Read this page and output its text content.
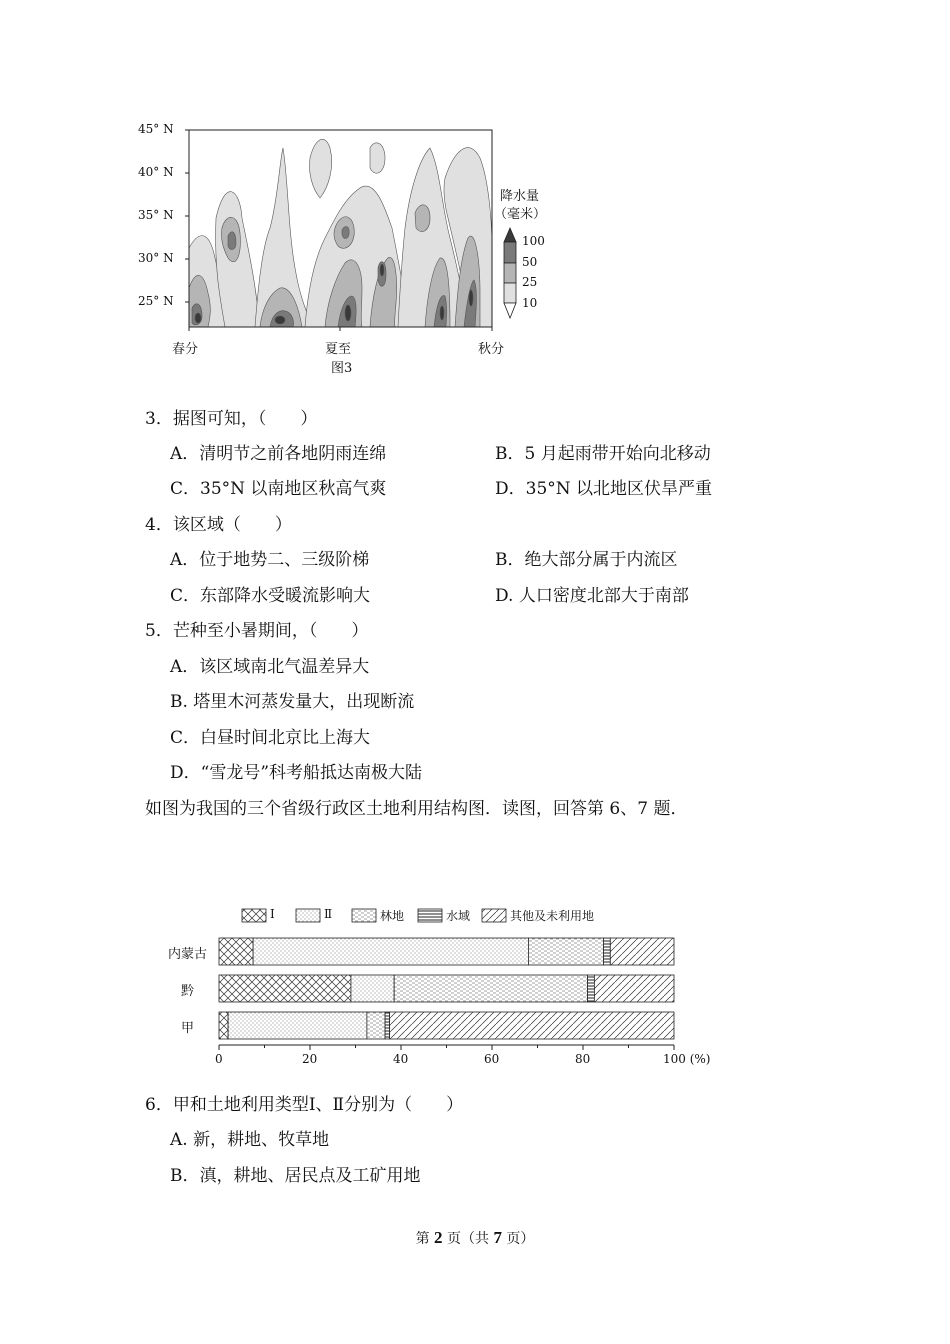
45° N
40° N
35° N
30° N
25° N
春分	夏至	秋分
图3
降水量
（毫米）
100
50
25
10
3．据图可知，（　　）
A．清明节之前各地阴雨连绵	B．5 月起雨带开始向北移动
C．35°N 以南地区秋高气爽	D．35°N 以北地区伏旱严重
4．该区域（　　）
A．位于地势二、三级阶梯	B．绝大部分属于内流区
C．东部降水受暖流影响大	D. 人口密度北部大于南部
5．芒种至小暑期间，（　　）
A．该区域南北气温差异大
B. 塔里木河蒸发量大，出现断流
C．白昼时间北京比上海大
D．“雪龙号”科考船抵达南极大陆
如图为我国的三个省级行政区土地利用结构图．读图，回答第 6、7 题．
Ⅰ	Ⅱ	林地	水域	其他及未利用地
内蒙古
黔
甲
0	20	40	60	80	100 (%)
6．甲和土地利用类型Ⅰ、Ⅱ分别为（　　）
A. 新，耕地、牧草地
B．滇，耕地、居民点及工矿用地
第 2 页（共 7 页）
